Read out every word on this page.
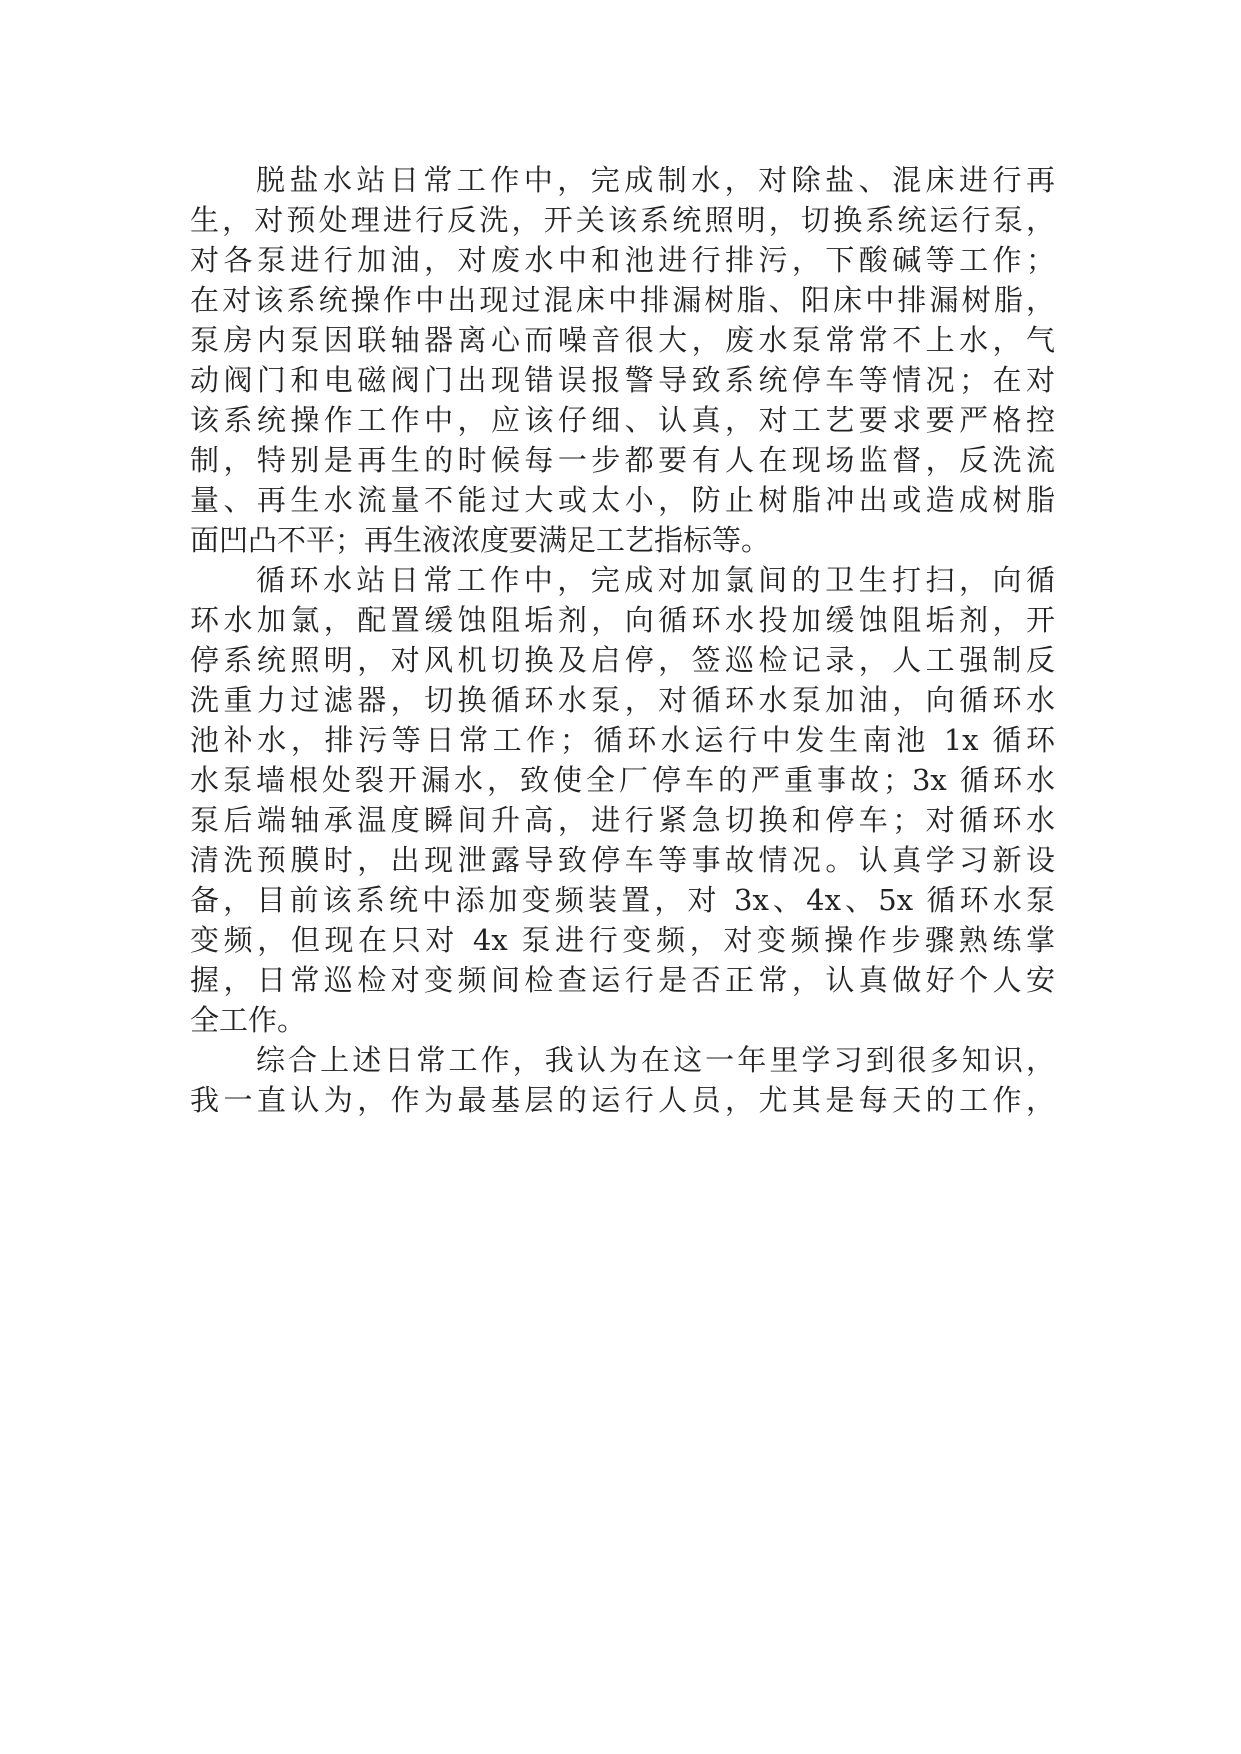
脱盐水站日常工作中，完成制水，对除盐、混床进行再
生，对预处理进行反洗，开关该系统照明，切换系统运行泵，
对各泵进行加油，对废水中和池进行排污，下酸碱等工作；
在对该系统操作中出现过混床中排漏树脂、阳床中排漏树脂，
泵房内泵因联轴器离心而噪音很大，废水泵常常不上水，气
动阀门和电磁阀门出现错误报警导致系统停车等情况；在对
该系统操作工作中，应该仔细、认真，对工艺要求要严格控
制，特别是再生的时候每一步都要有人在现场监督，反洗流
量、再生水流量不能过大或太小，防止树脂冲出或造成树脂
面凹凸不平；再生液浓度要满足工艺指标等。
循环水站日常工作中，完成对加氯间的卫生打扫，向循
环水加氯，配置缓蚀阻垢剂，向循环水投加缓蚀阻垢剂，开
停系统照明，对风机切换及启停，签巡检记录，人工强制反
洗重力过滤器，切换循环水泵，对循环水泵加油，向循环水
池补水，排污等日常工作；循环水运行中发生南池 1x 循环
水泵墙根处裂开漏水，致使全厂停车的严重事故；3x 循环水
泵后端轴承温度瞬间升高，进行紧急切换和停车；对循环水
清洗预膜时，出现泄露导致停车等事故情况。认真学习新设
备，目前该系统中添加变频装置，对 3x、4x、5x 循环水泵
变频，但现在只对 4x 泵进行变频，对变频操作步骤熟练掌
握，日常巡检对变频间检查运行是否正常，认真做好个人安
全工作。
综合上述日常工作，我认为在这一年里学习到很多知识，
我一直认为，作为最基层的运行人员，尤其是每天的工作，
